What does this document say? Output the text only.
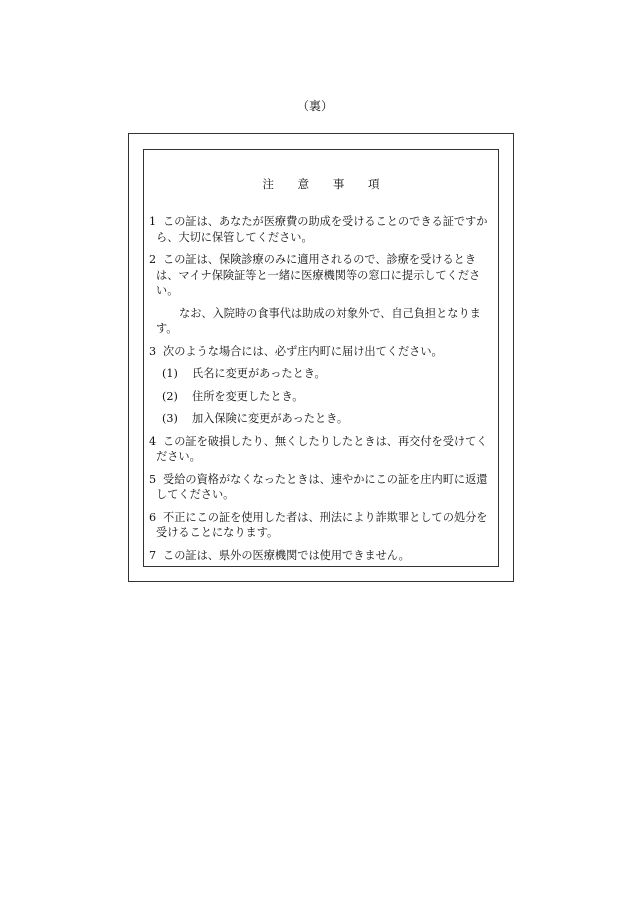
（裏）
注 意 事 項
1 この証は、あなたが医療費の助成を受けることのできる証ですから、大切に保管してください。
2 この証は、保険診療のみに適用されるので、診療を受けるときは、マイナ保険証等と一緒に医療機関等の窓口に提示してください。
なお、入院時の食事代は助成の対象外で、自己負担となります。
3 次のような場合には、必ず庄内町に届け出てください。
(1) 氏名に変更があったとき。
(2) 住所を変更したとき。
(3) 加入保険に変更があったとき。
4 この証を破損したり、無くしたりしたときは、再交付を受けてください。
5 受給の資格がなくなったときは、速やかにこの証を庄内町に返還してください。
6 不正にこの証を使用した者は、刑法により詐欺罪としての処分を受けることになります。
7 この証は、県外の医療機関では使用できません。
